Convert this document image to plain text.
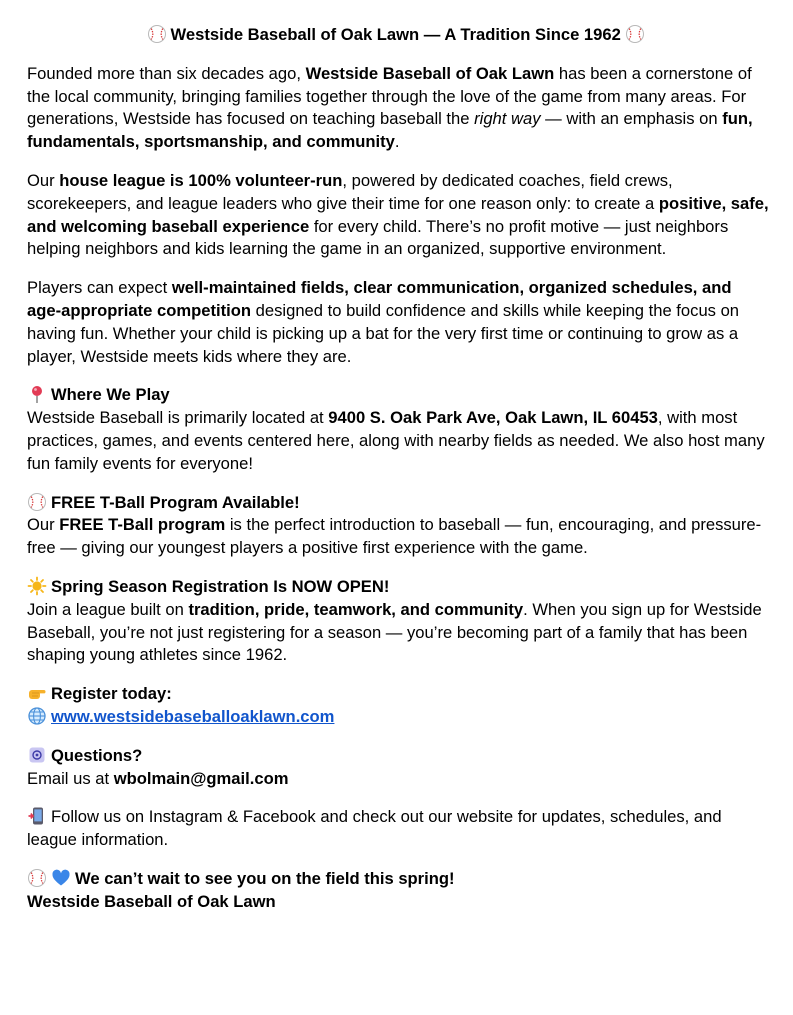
Westside Baseball of Oak Lawn — A Tradition Since 1962

Founded more than six decades ago, Westside Baseball of Oak Lawn has been a cornerstone of the local community, bringing families together through the love of the game from many areas. For generations, Westside has focused on teaching baseball the right way — with an emphasis on fun, fundamentals, sportsmanship, and community.

Our house league is 100% volunteer-run, powered by dedicated coaches, field crews, scorekeepers, and league leaders who give their time for one reason only: to create a positive, safe, and welcoming baseball experience for every child. There’s no profit motive — just neighbors helping neighbors and kids learning the game in an organized, supportive environment.

Players can expect well-maintained fields, clear communication, organized schedules, and age-appropriate competition designed to build confidence and skills while keeping the focus on having fun. Whether your child is picking up a bat for the very first time or continuing to grow as a player, Westside meets kids where they are.

Where We Play
Westside Baseball is primarily located at 9400 S. Oak Park Ave, Oak Lawn, IL 60453, with most practices, games, and events centered here, along with nearby fields as needed. We also host many fun family events for everyone!

FREE T-Ball Program Available!
Our FREE T-Ball program is the perfect introduction to baseball — fun, encouraging, and pressure-free — giving our youngest players a positive first experience with the game.

Spring Season Registration Is NOW OPEN!
Join a league built on tradition, pride, teamwork, and community. When you sign up for Westside Baseball, you’re not just registering for a season — you’re becoming part of a family that has been shaping young athletes since 1962.

Register today:

www.westsidebaseballoaklawn.com

Questions?
Email us at wbolmain@gmail.com

Follow us on Instagram & Facebook and check out our website for updates, schedules, and league information.

We can’t wait to see you on the field this spring!
Westside Baseball of Oak Lawn
